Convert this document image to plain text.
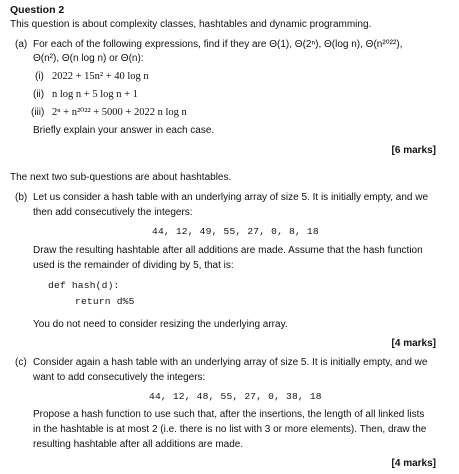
Question 2
This question is about complexity classes, hashtables and dynamic programming.
(a) For each of the following expressions, find if they are Θ(1), Θ(2ⁿ), Θ(log n), Θ(n²⁰²²),
Θ(n²), Θ(n log n) or Θ(n):
(i) 2022 + 15n² + 40 log n
(ii) n log n + 5 log n + 1
(iii) 2ⁿ + n²⁰²² + 5000 + 2022 n log n
Briefly explain your answer in each case.
[6 marks]
The next two sub-questions are about hashtables.
(b) Let us consider a hash table with an underlying array of size 5. It is initially empty, and we
then add consecutively the integers:
44, 12, 49, 55, 27, 0, 8, 18
Draw the resulting hashtable after all additions are made. Assume that the hash function
used is the remainder of dividing by 5, that is:
def hash(d):
return d%5
You do not need to consider resizing the underlying array.
[4 marks]
(c) Consider again a hash table with an underlying array of size 5. It is initially empty, and we
want to add consecutively the integers:
44, 12, 48, 55, 27, 0, 38, 18
Propose a hash function to use such that, after the insertions, the length of all linked lists
in the hashtable is at most 2 (i.e. there is no list with 3 or more elements). Then, draw the
resulting hashtable after all additions are made.
[4 marks]
